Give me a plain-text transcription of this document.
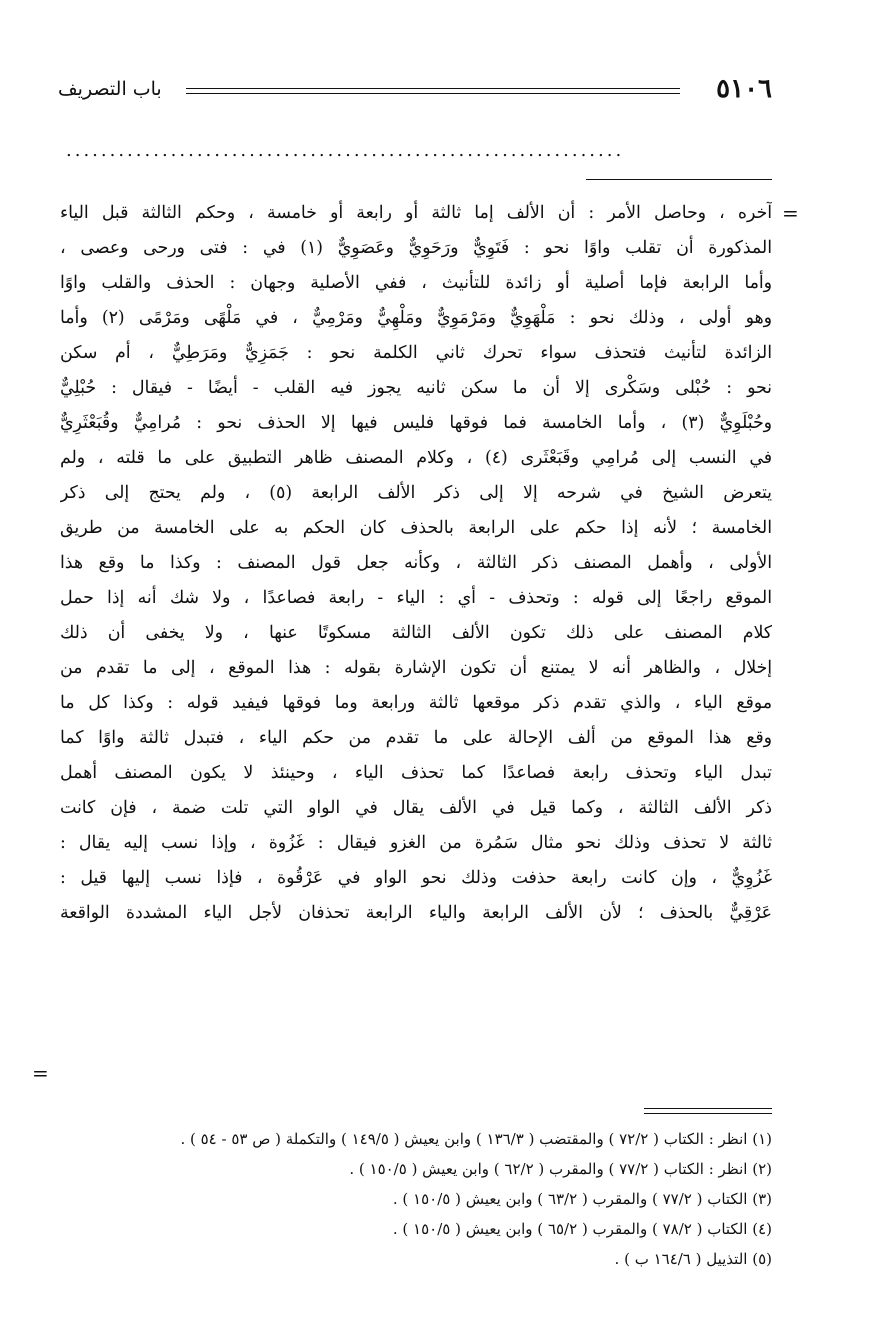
٥١٠٦
باب التصريف
................................................................
=
آخره ، وحاصل الأمر : أن الألف إما ثالثة أو رابعة أو خامسة ، وحكم الثالثة قبل الياء
المذكورة أن تقلب واوًا نحو : فَتَوِيٌّ ورَحَوِيٌّ وعَصَوِيٌّ (١) في : فتى ورحى وعصى ،
وأما الرابعة فإما أصلية أو زائدة للتأنيث ، ففي الأصلية وجهان : الحذف والقلب واوًا
وهو أولى ، وذلك نحو : مَلْهَوِيٌّ ومَرْمَوِيٌّ ومَلْهِيٌّ ومَرْمِيٌّ ، في مَلْهًى ومَرْمًى (٢) وأما
الزائدة لتأنيث فتحذف سواء تحرك ثاني الكلمة نحو : جَمَزِيٌّ ومَرَطِيٌّ ، أم سكن
نحو : حُبْلى وسَكْرى إلا أن ما سكن ثانيه يجوز فيه القلب - أيضًا - فيقال : حُبْلِيٌّ
وحُبْلَوِيٌّ (٣) ، وأما الخامسة فما فوقها فليس فيها إلا الحذف نحو : مُرامِيٌّ وقُبَعْثَرِيٌّ
في النسب إلى مُرامِي وقَبَعْثَرى (٤) ، وكلام المصنف ظاهر التطبيق على ما قلته ، ولم
يتعرض الشيخ في شرحه إلا إلى ذكر الألف الرابعة (٥) ، ولم يحتج إلى ذكر
الخامسة ؛ لأنه إذا حكم على الرابعة بالحذف كان الحكم به على الخامسة من طريق
الأولى ، وأهمل المصنف ذكر الثالثة ، وكأنه جعل قول المصنف : وكذا ما وقع هذا
الموقع راجعًا إلى قوله : وتحذف - أي : الياء - رابعة فصاعدًا ، ولا شك أنه إذا حمل
كلام المصنف على ذلك تكون الألف الثالثة مسكوتًا عنها ، ولا يخفى أن ذلك
إخلال ، والظاهر أنه لا يمتنع أن تكون الإشارة بقوله : هذا الموقع ، إلى ما تقدم من
موقع الياء ، والذي تقدم ذكر موقعها ثالثة ورابعة وما فوقها فيفيد قوله : وكذا كل ما
وقع هذا الموقع من ألف الإحالة على ما تقدم من حكم الياء ، فتبدل ثالثة واوًا كما
تبدل الياء وتحذف رابعة فصاعدًا كما تحذف الياء ، وحينئذ لا يكون المصنف أهمل
ذكر الألف الثالثة ، وكما قيل في الألف يقال في الواو التي تلت ضمة ، فإن كانت
ثالثة لا تحذف وذلك نحو مثال سَمُرة من الغزو فيقال : غَزُوة ، وإذا نسب إليه يقال :
غَزُوِيٌّ ، وإن كانت رابعة حذفت وذلك نحو الواو في عَرْقُوة ، فإذا نسب إليها قيل :
عَرْقِيٌّ بالحذف ؛ لأن الألف الرابعة والياء الرابعة تحذفان لأجل الياء المشددة الواقعة
=
(١) انظر : الكتاب ( ٧٢/٢ ) والمقتضب ( ١٣٦/٣ ) وابن يعيش ( ١٤٩/٥ ) والتكملة ( ص ٥٣ - ٥٤ ) .
(٢) انظر : الكتاب ( ٧٧/٢ ) والمقرب ( ٦٢/٢ ) وابن يعيش ( ١٥٠/٥ ) .
(٣) الكتاب ( ٧٧/٢ ) والمقرب ( ٦٣/٢ ) وابن يعيش ( ١٥٠/٥ ) .
(٤) الكتاب ( ٧٨/٢ ) والمقرب ( ٦٥/٢ ) وابن يعيش ( ١٥٠/٥ ) .
(٥) التذييل ( ١٦٤/٦ ب ) .
